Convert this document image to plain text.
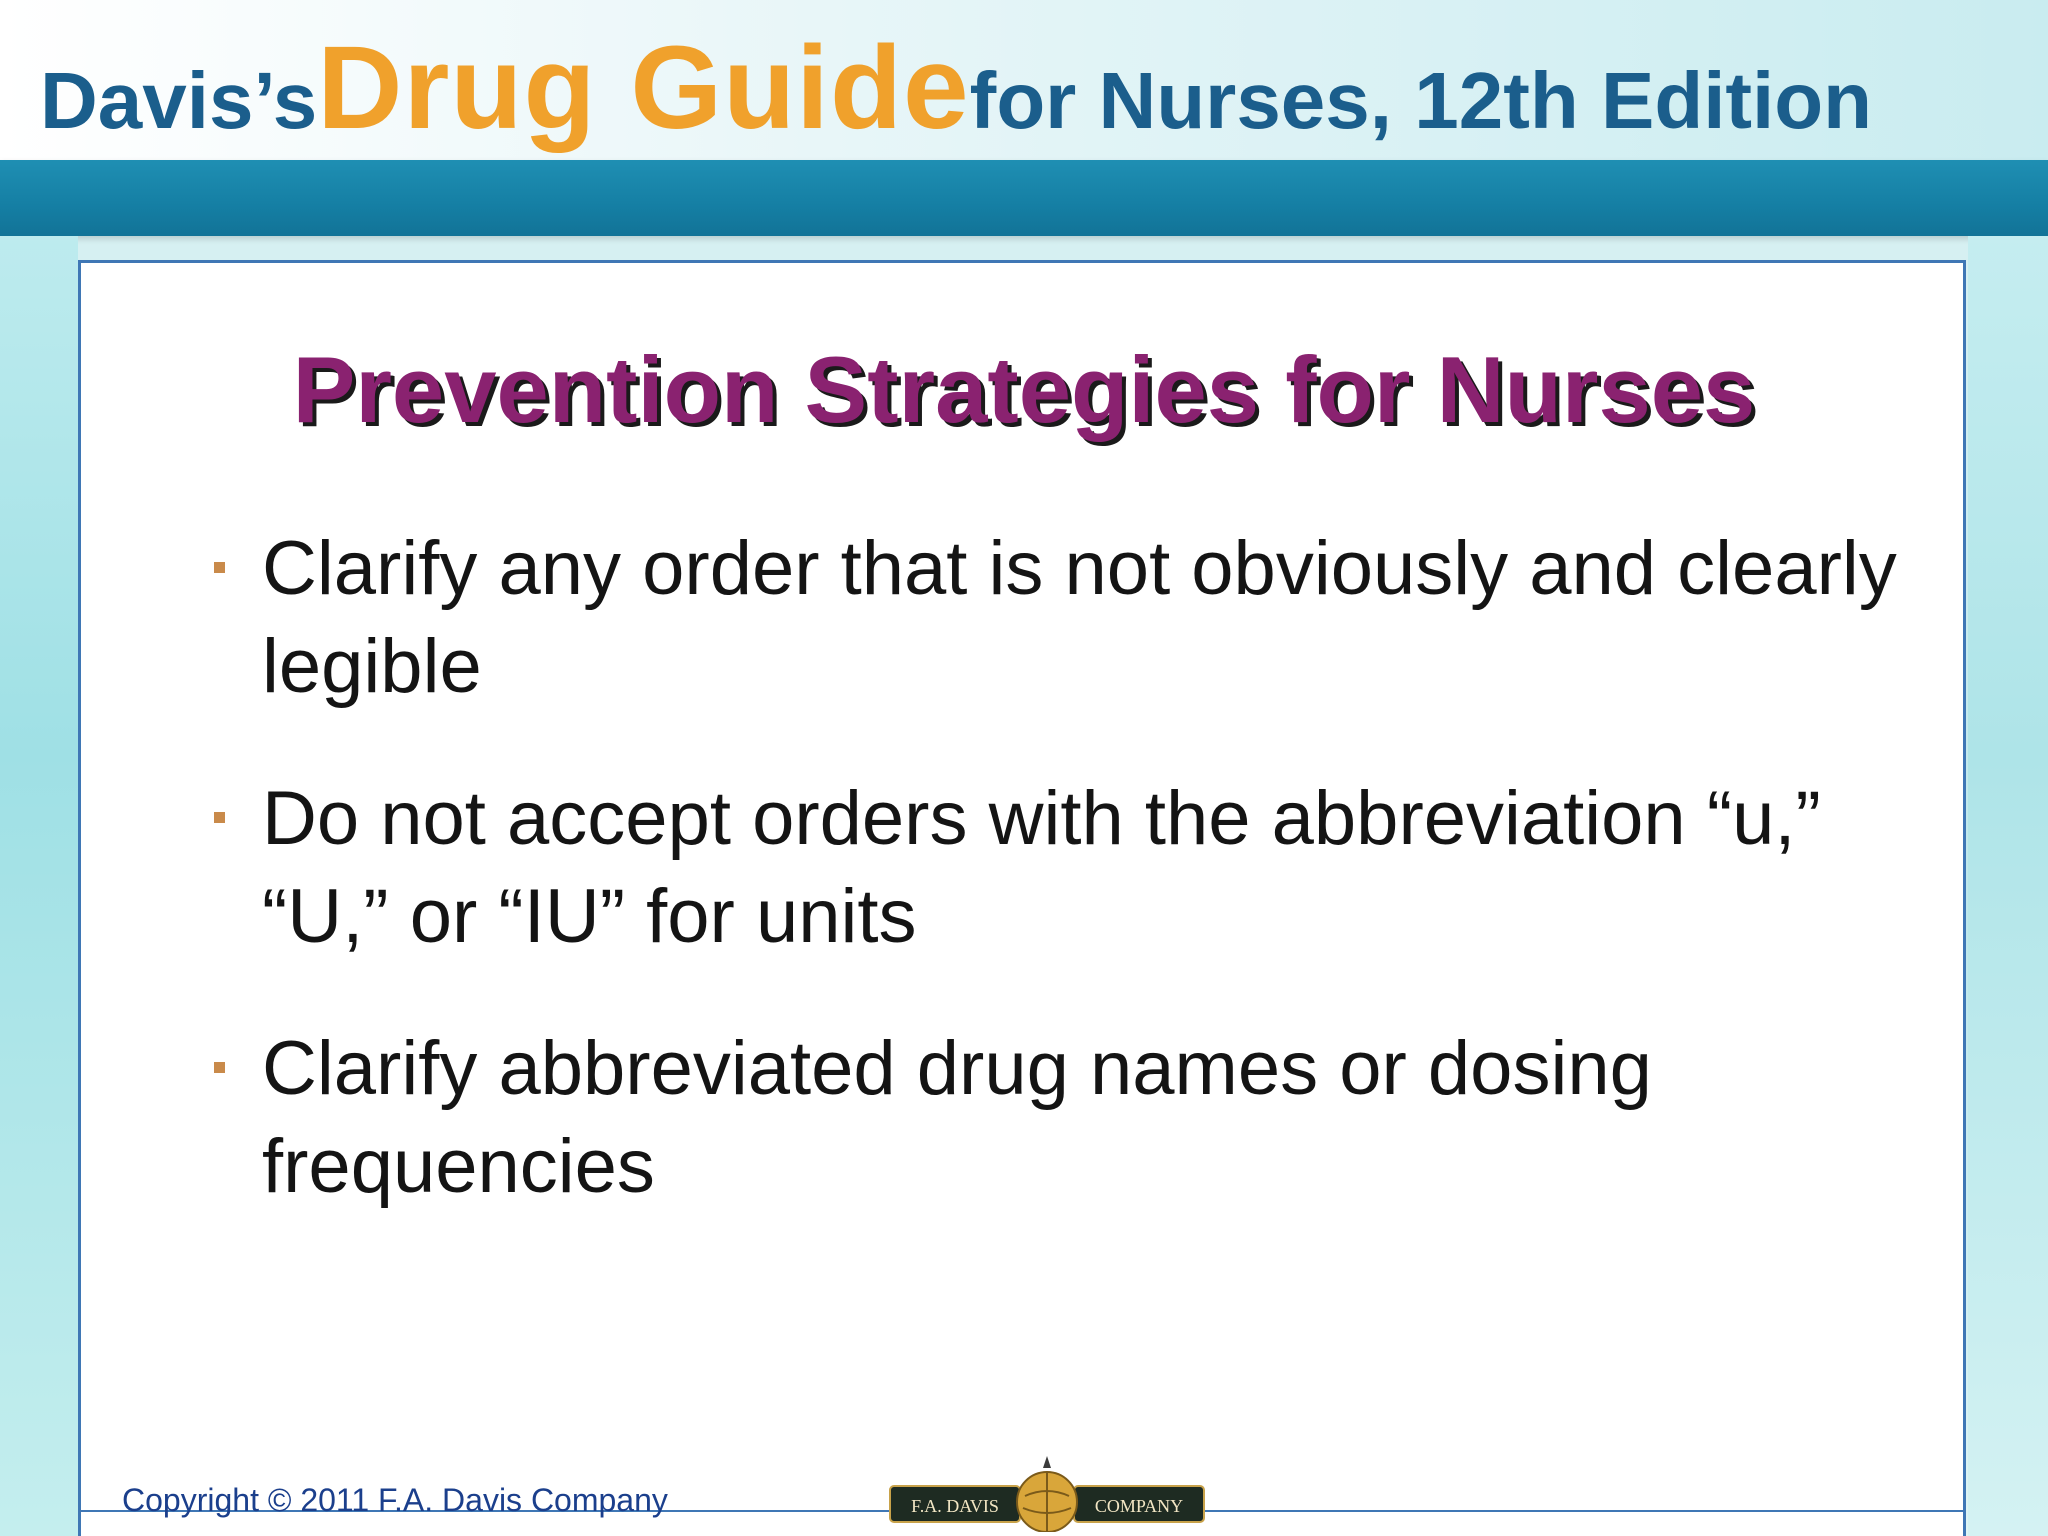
Davis’sDrug Guidefor Nurses, 12th Edition
Prevention Strategies for Nurses
Clarify any order that is not obviously and clearly legible
Do not accept orders with the abbreviation “u,” “U,” or “IU” for units
Clarify abbreviated drug names or dosing frequencies
Copyright © 2011 F.A. Davis Company	F.A. DAVIS	COMPANY
